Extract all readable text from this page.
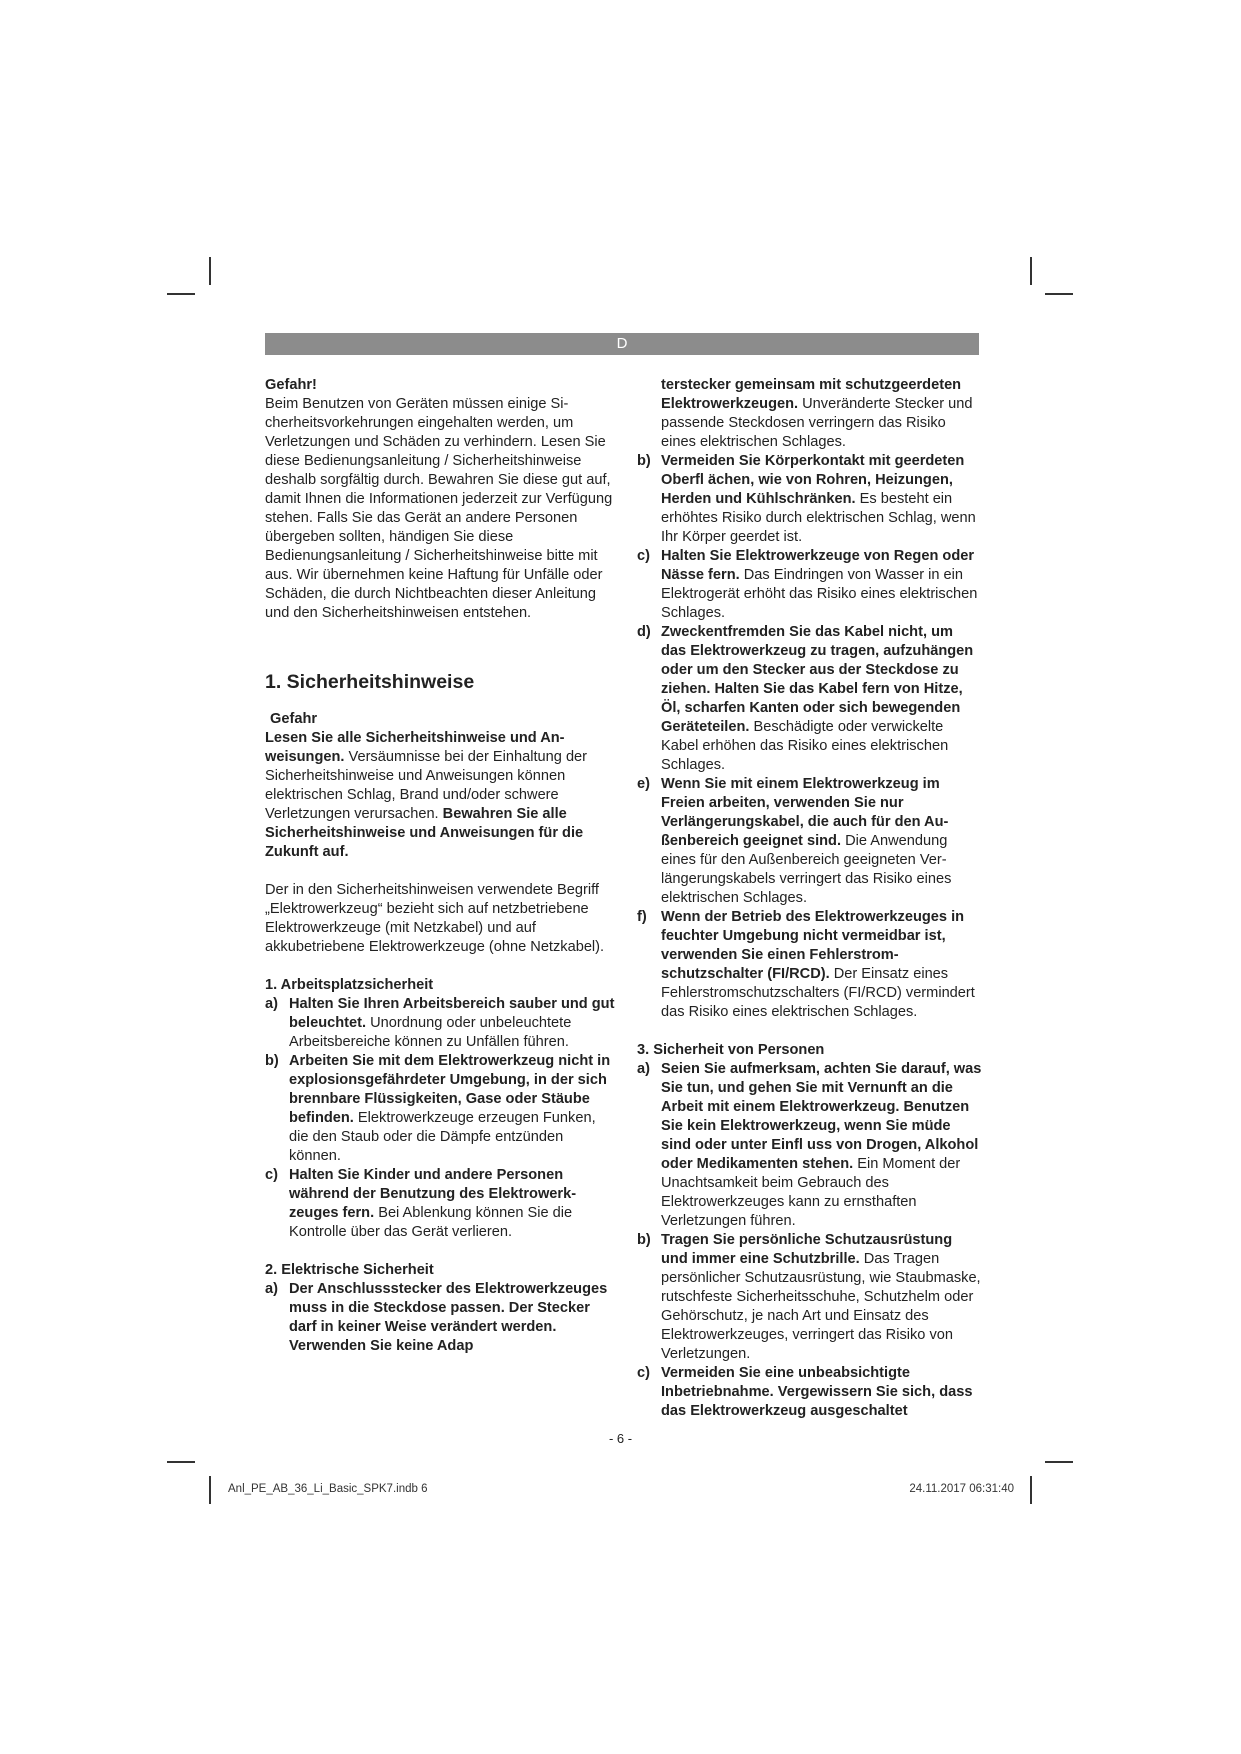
D

Gefahr!

Beim Benutzen von Geräten müssen einige Sicherheitsvorkehrungen eingehalten werden, um Verletzungen und Schäden zu verhindern. Lesen Sie diese Bedienungsanleitung / Sicherheitshinweise deshalb sorgfältig durch. Bewahren Sie diese gut auf, damit Ihnen die Informationen jederzeit zur Verfügung stehen. Falls Sie das Gerät an andere Personen übergeben sollten, händigen Sie diese Bedienungsanleitung / Sicherheitshinweise bitte mit aus. Wir übernehmen keine Haftung für Unfälle oder Schäden, die durch Nichtbeachten dieser Anleitung und den Sicherheitshinweisen entstehen.

1. Sicherheitshinweise

Gefahr

Lesen Sie alle Sicherheitshinweise und Anweisungen. Versäumnisse bei der Einhaltung der Sicherheitshinweise und Anweisungen können elektrischen Schlag, Brand und/oder schwere Verletzungen verursachen. Bewahren Sie alle Sicherheitshinweise und Anweisungen für die Zukunft auf.

Der in den Sicherheitshinweisen verwendete Begriff „Elektrowerkzeug“ bezieht sich auf netzbetriebene Elektrowerkzeuge (mit Netzkabel) und auf akkubetriebene Elektrowerkzeuge (ohne Netzkabel).

1. Arbeitsplatzsicherheit

a) Halten Sie Ihren Arbeitsbereich sauber und gut beleuchtet. Unordnung oder unbeleuchtete Arbeitsbereiche können zu Unfällen führen.
b) Arbeiten Sie mit dem Elektrowerkzeug nicht in explosionsgefährdeter Umgebung, in der sich brennbare Flüssigkeiten, Gase oder Stäube befinden. Elektrowerkzeuge erzeugen Funken, die den Staub oder die Dämpfe entzünden können.
c) Halten Sie Kinder und andere Personen während der Benutzung des Elektrowerkzeuges fern. Bei Ablenkung können Sie die Kontrolle über das Gerät verlieren.

2. Elektrische Sicherheit

a) Der Anschlussstecker des Elektrowerkzeuges muss in die Steckdose passen. Der Stecker darf in keiner Weise verändert werden. Verwenden Sie keine Adap
terstecker gemeinsam mit schutzgeerdeten Elektrowerkzeugen. Unveränderte Stecker und passende Steckdosen verringern das Risiko eines elektrischen Schlages.
b) Vermeiden Sie Körperkontakt mit geerdeten Oberfl ächen, wie von Rohren, Heizungen, Herden und Kühlschränken. Es besteht ein erhöhtes Risiko durch elektrischen Schlag, wenn Ihr Körper geerdet ist.
c) Halten Sie Elektrowerkzeuge von Regen oder Nässe fern. Das Eindringen von Wasser in ein Elektrogerät erhöht das Risiko eines elektrischen Schlages.
d) Zweckentfremden Sie das Kabel nicht, um das Elektrowerkzeug zu tragen, aufzuhängen oder um den Stecker aus der Steckdose zu ziehen. Halten Sie das Kabel fern von Hitze, Öl, scharfen Kanten oder sich bewegenden Geräteteilen. Beschädigte oder verwickelte Kabel erhöhen das Risiko eines elektrischen Schlages.
e) Wenn Sie mit einem Elektrowerkzeug im Freien arbeiten, verwenden Sie nur Verlängerungskabel, die auch für den Außenbereich geeignet sind. Die Anwendung eines für den Außenbereich geeigneten Verlängerungskabels verringert das Risiko eines elektrischen Schlages.
f) Wenn der Betrieb des Elektrowerkzeuges in feuchter Umgebung nicht vermeidbar ist, verwenden Sie einen Fehlerstromschutzschalter (FI/RCD). Der Einsatz eines Fehlerstromschutzschalters (FI/RCD) vermindert das Risiko eines elektrischen Schlages.

3. Sicherheit von Personen

a) Seien Sie aufmerksam, achten Sie darauf, was Sie tun, und gehen Sie mit Vernunft an die Arbeit mit einem Elektrowerkzeug. Benutzen Sie kein Elektrowerkzeug, wenn Sie müde sind oder unter Einfl uss von Drogen, Alkohol oder Medikamenten stehen. Ein Moment der Unachtsamkeit beim Gebrauch des Elektrowerkzeuges kann zu ernsthaften Verletzungen führen.
b) Tragen Sie persönliche Schutzausrüstung und immer eine Schutzbrille. Das Tragen persönlicher Schutzausrüstung, wie Staubmaske, rutschfeste Sicherheitsschuhe, Schutzhelm oder Gehörschutz, je nach Art und Einsatz des Elektrowerkzeuges, verringert das Risiko von Verletzungen.
c) Vermeiden Sie eine unbeabsichtigte Inbetriebnahme. Vergewissern Sie sich, dass das Elektrowerkzeug ausgeschaltet
- 6 -
Anl_PE_AB_36_Li_Basic_SPK7.indb 6	24.11.2017 06:31:40
